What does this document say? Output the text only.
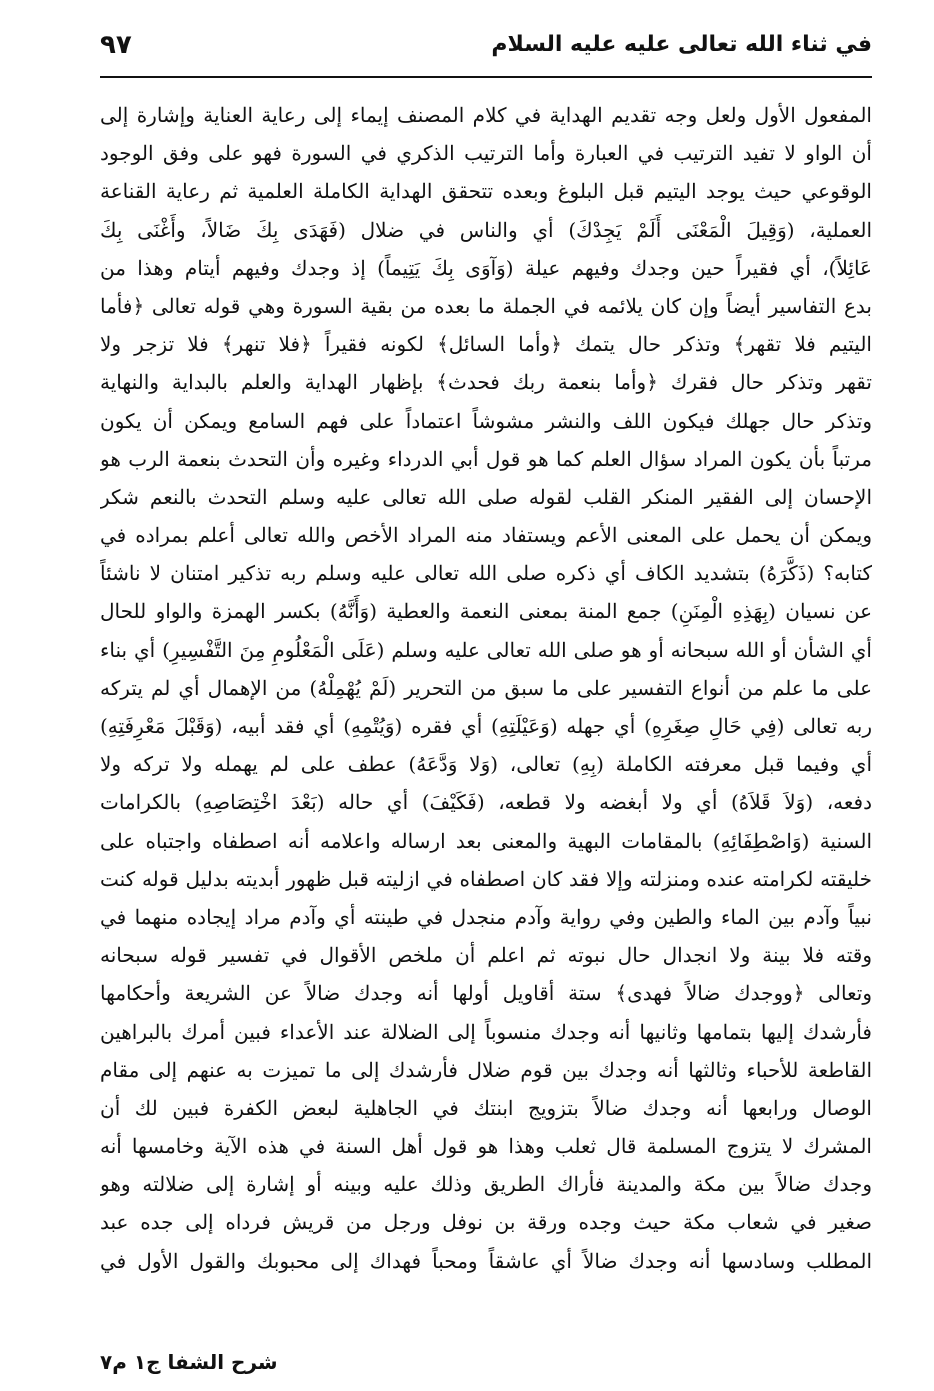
في ثناء الله تعالى عليه عليه السلام
٩٧
المفعول الأول ولعل وجه تقديم الهداية في كلام المصنف إيماء إلى رعاية العناية وإشارة إلى
أن الواو لا تفيد الترتيب في العبارة وأما الترتيب الذكري في السورة فهو على وفق الوجود
الوقوعي حيث يوجد اليتيم قبل البلوغ وبعده تتحقق الهداية الكاملة العلمية ثم رعاية القناعة
العملية، (وَقِيلَ الْمَعْنَى أَلَمْ يَجِدْكَ) أي والناس في ضلال (فَهَدَى بِكَ ضَالاً، وأَغْنَى بِكَ
عَائِلاً)، أي فقيراً حين وجدك وفيهم عيلة (وَآوَى بِكَ يَتِيماً) إذ وجدك وفيهم أيتام وهذا من
بدع التفاسير أيضاً وإن كان يلائمه في الجملة ما بعده من بقية السورة وهي قوله تعالى ﴿فأما
اليتيم فلا تقهر﴾ وتذكر حال يتمك ﴿وأما السائل﴾ لكونه فقيراً ﴿فلا تنهر﴾ فلا تزجر ولا
تقهر وتذكر حال فقرك ﴿وأما بنعمة ربك فحدث﴾ بإظهار الهداية والعلم بالبداية والنهاية
وتذكر حال جهلك فيكون اللف والنشر مشوشاً اعتماداً على فهم السامع ويمكن أن يكون
مرتباً بأن يكون المراد سؤال العلم كما هو قول أبي الدرداء وغيره وأن التحدث بنعمة الرب هو
الإحسان إلى الفقير المنكر القلب لقوله صلى الله تعالى عليه وسلم التحدث بالنعم شكر
ويمكن أن يحمل على المعنى الأعم ويستفاد منه المراد الأخص والله تعالى أعلم بمراده في
كتابه؟ (ذَكَّرَهُ) بتشديد الكاف أي ذكره صلى الله تعالى عليه وسلم ربه تذكير امتنان لا ناشئاً
عن نسيان (بِهَذِهِ الْمِنَنِ) جمع المنة بمعنى النعمة والعطية (وَأَنَّهُ) بكسر الهمزة والواو للحال
أي الشأن أو الله سبحانه أو هو صلى الله تعالى عليه وسلم (عَلَى الْمَعْلُومِ مِنَ التَّفْسِيرِ) أي بناء
على ما علم من أنواع التفسير على ما سبق من التحرير (لَمْ يُهْمِلْهُ) من الإهمال أي لم يتركه
ربه تعالى (فِي حَالِ صِغَرِهِ) أي جهله (وَعَيْلَتِهِ) أي فقره (وَيُتْمِهِ) أي فقد أبيه، (وَقَبْلَ مَعْرِفَتِهِ)
أي وفيما قبل معرفته الكاملة (بِهِ) تعالى، (وَلا وَدَّعَهُ) عطف على لم يهمله ولا تركه ولا
دفعه، (وَلاَ قَلاَهُ) أي ولا أبغضه ولا قطعه، (فَكَيْفَ) أي حاله (بَعْدَ اخْتِصَاصِهِ) بالكرامات
السنية (وَاصْطِفَائِهِ) بالمقامات البهية والمعنى بعد ارساله واعلامه أنه اصطفاه واجتباه على
خليقته لكرامته عنده ومنزلته وإلا فقد كان اصطفاه في ازليته قبل ظهور أبديته بدليل قوله كنت
نبياً وآدم بين الماء والطين وفي رواية وآدم منجدل في طينته أي وآدم مراد إيجاده منهما في
وقته فلا بينة ولا انجدال حال نبوته ثم اعلم أن ملخص الأقوال في تفسير قوله سبحانه
وتعالى ﴿ووجدك ضالاً فهدى﴾ ستة أقاويل أولها أنه وجدك ضالاً عن الشريعة وأحكامها
فأرشدك إليها بتمامها وثانيها أنه وجدك منسوباً إلى الضلالة عند الأعداء فبين أمرك بالبراهين
القاطعة للأحباء وثالثها أنه وجدك بين قوم ضلال فأرشدك إلى ما تميزت به عنهم إلى مقام
الوصال ورابعها أنه وجدك ضالاً بتزويج ابنتك في الجاهلية لبعض الكفرة فبين لك أن
المشرك لا يتزوج المسلمة قال ثعلب وهذا هو قول أهل السنة في هذه الآية وخامسها أنه
وجدك ضالاً بين مكة والمدينة فأراك الطريق وذلك عليه وبينه أو إشارة إلى ضلالته وهو
صغير في شعاب مكة حيث وجده ورقة بن نوفل ورجل من قريش فرداه إلى جده عبد
المطلب وسادسها أنه وجدك ضالاً أي عاشقاً ومحباً فهداك إلى محبوبك والقول الأول في
شرح الشفا ج١ م٧
